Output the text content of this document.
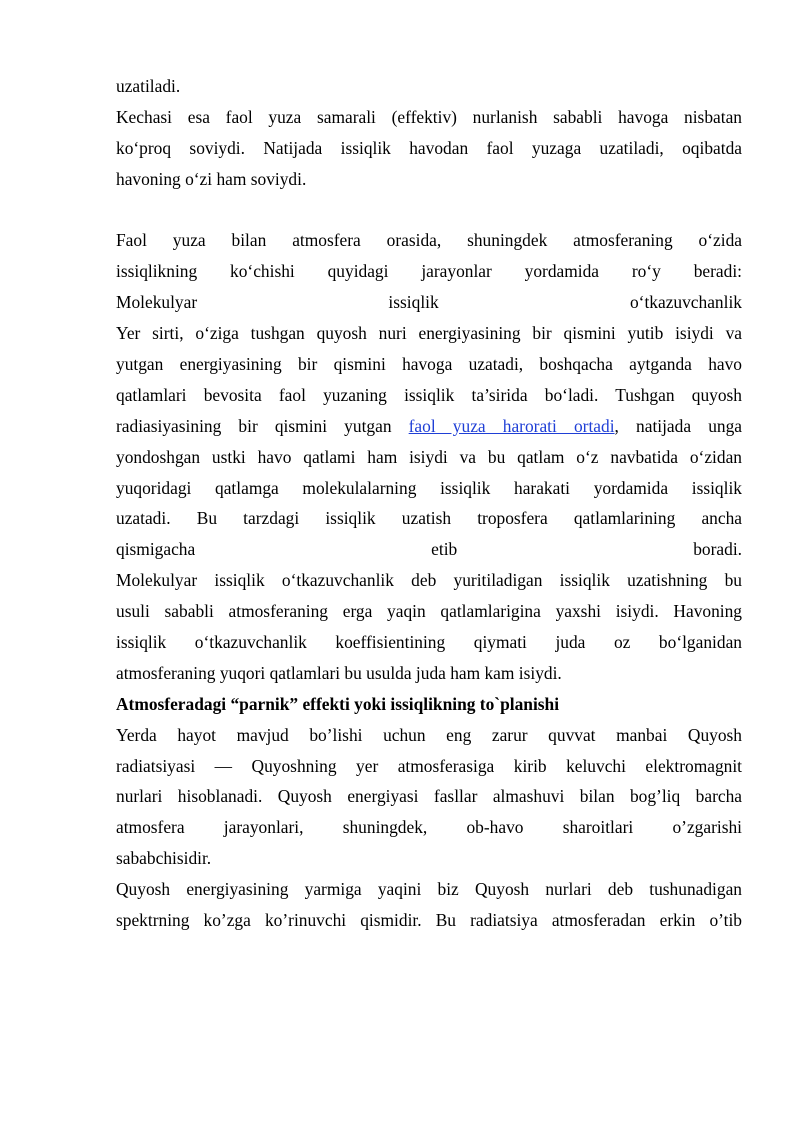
uzatiladi.
Kechasi esa faol yuza samarali (effektiv) nurlanish sababli havoga nisbatan
ko‘proq soviydi. Natijada issiqlik havodan faol yuzaga uzatiladi, oqibatda
havoning o‘zi ham soviydi.
Faol yuza bilan atmosfera orasida, shuningdek atmosferaning o‘zida
issiqlikning ko‘chishi quyidagi jarayonlar yordamida ro‘y beradi:
Molekulyar issiqlik o‘tkazuvchanlik
Yer sirti, o‘ziga tushgan quyosh nuri energiyasining bir qismini yutib isiydi va
yutgan energiyasining bir qismini havoga uzatadi, boshqacha aytganda havo
qatlamlari bevosita faol yuzaning issiqlik ta’sirida bo‘ladi. Tushgan quyosh
radiasiyasining bir qismini yutgan faol yuza harorati ortadi, natijada unga
yondoshgan ustki havo qatlami ham isiydi va bu qatlam o‘z navbatida o‘zidan
yuqoridagi qatlamga molekulalarning issiqlik harakati yordamida issiqlik
uzatadi. Bu tarzdagi issiqlik uzatish troposfera qatlamlarining ancha
qismigacha etib boradi.
Molekulyar issiqlik o‘tkazuvchanlik deb yuritiladigan issiqlik uzatishning bu
usuli sababli atmosferaning erga yaqin qatlamlarigina yaxshi isiydi. Havoning
issiqlik o‘tkazuvchanlik koeffisientining qiymati juda oz bo‘lganidan
atmosferaning yuqori qatlamlari bu usulda juda ham kam isiydi.
Atmosferadagi “parnik” effekti yoki issiqlikning to`planishi
Yerda hayot mavjud bo’lishi uchun eng zarur quvvat manbai Quyosh
radiatsiyasi — Quyoshning yer atmosferasiga kirib keluvchi elektromagnit
nurlari hisoblanadi. Quyosh energiyasi fasllar almashuvi bilan bog’liq barcha
atmosfera jarayonlari, shuningdek, ob-havo sharoitlari o’zgarishi
sababchisidir.
Quyosh energiyasining yarmiga yaqini biz Quyosh nurlari deb tushunadigan
spektrning ko’zga ko’rinuvchi qismidir. Bu radiatsiya atmosferadan erkin o’tib
